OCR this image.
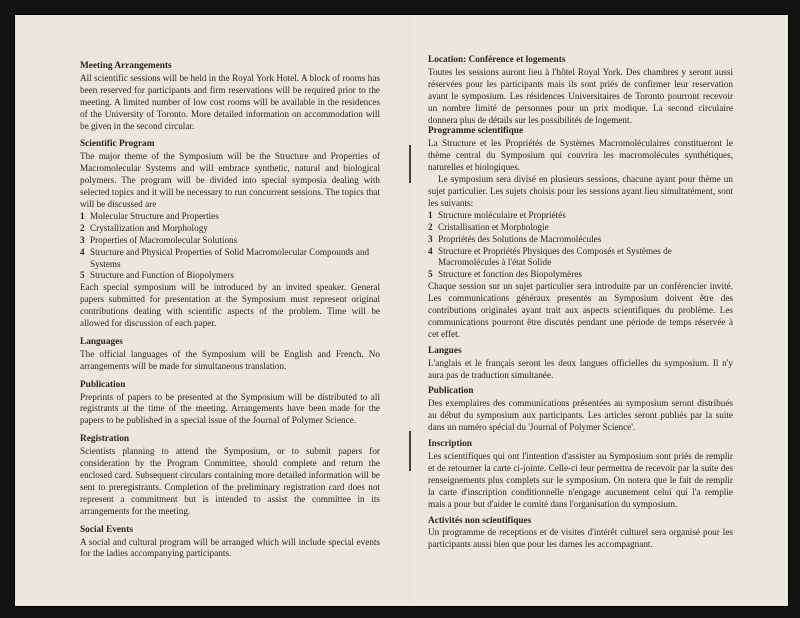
Meeting Arrangements

All scientific sessions will be held in the Royal York Hotel. A block of rooms has been reserved for participants and firm reservations will be required prior to the meeting. A limited number of low cost rooms will be available in the residences of the University of Toronto. More detailed information on accommodation will be given in the second circular.

Scientific Program

The major theme of the Symposium will be the Structure and Properties of Macromolecular Systems and will embrace synthetic, natural and biological polymers. The program will be divided into special symposia dealing with selected topics and it will be necessary to run concurrent sessions. The topics that will be discussed are

1 Molecular Structure and Properties
2 Crystallization and Morphology
3 Properties of Macromolecular Solutions
4 Structure and Physical Properties of Solid Macromolecular Compounds and Systems
5 Structure and Function of Biopolymers

Each special symposium will be introduced by an invited speaker. General papers submitted for presentation at the Symposium must represent original contributions dealing with scientific aspects of the problem. Time will be allowed for discussion of each paper.

Languages

The official languages of the Symposium will be English and French. No arrangements will be made for simultaneous translation.

Publication

Preprints of papers to be presented at the Symposium will be distributed to all registrants at the time of the meeting. Arrangements have been made for the papers to be published in a special issue of the Journal of Polymer Science.

Registration

Scientists planning to attend the Symposium, or to submit papers for consideration by the Program Committee, should complete and return the enclosed card. Subsequent circulars containing more detailed information will be sent to preregistrants. Completion of the preliminary registration card does not represent a commitment but is intended to assist the committee in its arrangements for the meeting.

Social Events

A social and cultural program will be arranged which will include special events for the ladies accompanying participants.

Location: Conférence et logements

Toutes les sessions auront lieu à l'hôtel Royal York. Des chambres y seront aussi réservées pour les participants mais ils sont priés de confirmer leur reservation avant le symposium. Les résidences Universitaires de Toronto pourront recevoir un nombre limité de personnes pour un prix modique. La second circulaire donnera plus de détails sur les possibilités de logement.

Programme scientifique

La Structure et les Propriétés de Systèmes Macromoléculaires constitueront le thème central du Symposium qui couvrira les macromolécules synthétiques, naturelles et biologiques.

Le symposium sera divisé en plusieurs sessions, chacune ayant pour thème un sujet particulier. Les sujets choisis pour les sessions ayant lieu simultatément, sont les suivants:

1 Structure moléculaire et Propriétés
2 Cristallisation et Morphologie
3 Propriétés des Solutions de Macromolécules
4 Structure et Propriétés Physiques des Composés et Systèmes de Macromolécules à l'état Solide
5 Structure et fonction des Biopolymères

Chaque session sur un sujet particulier sera introduite par un conférencier invité. Les communications généraux presentés au Symposium doivent être des contributions originales ayant trait aux aspects scientifiques du problème. Les communications pourront être discutés pendant une période de temps réservée à cet effet.

Langues

L'anglais et le français seront les deux langues officielles du symposium. Il n'y aura pas de traduction simultanée.

Publication

Des exemplaires des communications présentées au symposium seront distribués au début du symposium aux participants. Les articles seront publiés par la suite dans un numéro spécial du 'Journal of Polymer Science'.

Inscription

Les scientifiques qui ont l'intention d'assister au Symposium sont priés de remplir et de retourner la carte ci-jointe. Celle-ci leur permettra de recevoir par la suite des renseignements plus complets sur le symposium. On notera que le fait de remplir la carte d'inscription conditionnelle n'engage aucunement celui qui l'a remplie mais a pour but d'aider le comité dans l'organisation du symposium.

Activités non scientifiques

Un programme de receptions et de visites d'intérêt culturel sera organisé pour les participants aussi bien que pour les dames les accompagnant.
